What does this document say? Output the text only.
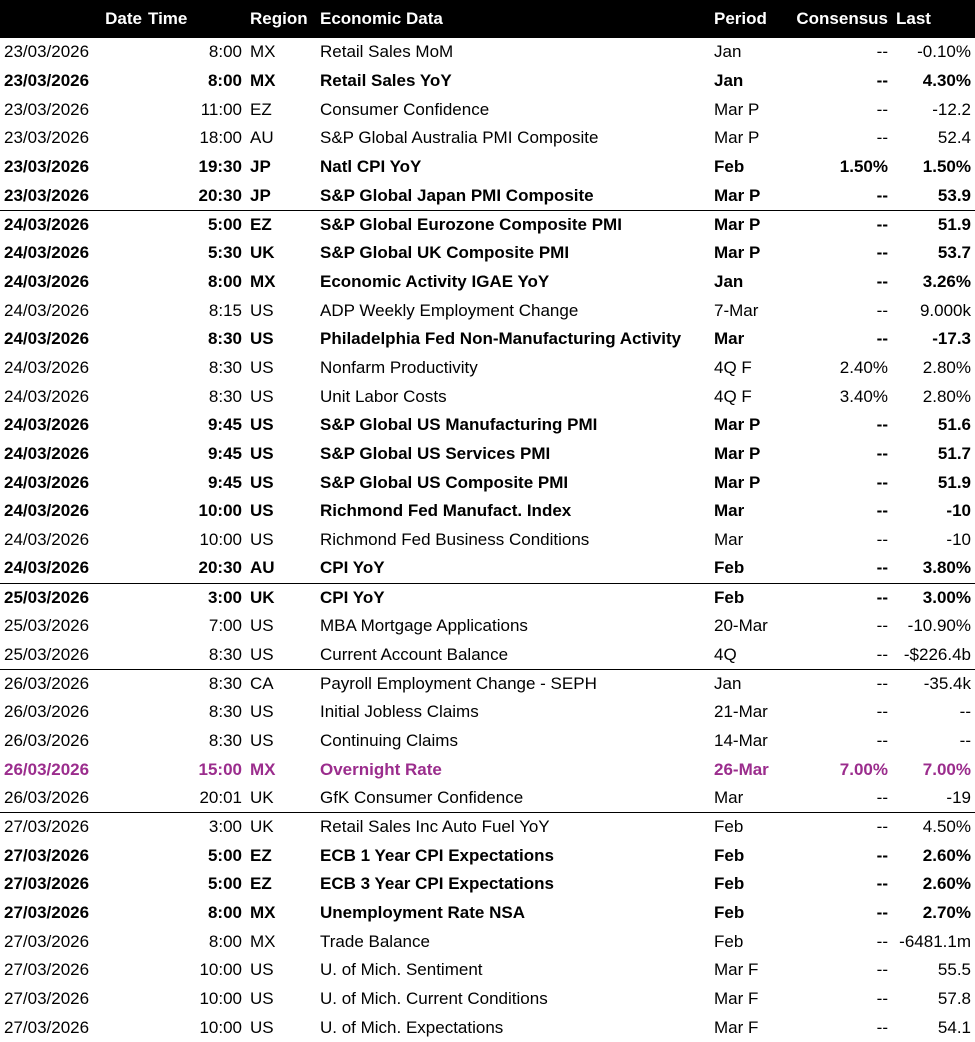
Date	Time	Region	Economic Data	Period	Consensus	Last
23/03/2026	8:00	MX	Retail Sales MoM	Jan	--	-0.10%
23/03/2026	8:00	MX	Retail Sales YoY	Jan	--	4.30%
23/03/2026	11:00	EZ	Consumer Confidence	Mar P	--	-12.2
23/03/2026	18:00	AU	S&P Global Australia PMI Composite	Mar P	--	52.4
23/03/2026	19:30	JP	Natl CPI YoY	Feb	1.50%	1.50%
23/03/2026	20:30	JP	S&P Global Japan PMI Composite	Mar P	--	53.9
24/03/2026	5:00	EZ	S&P Global Eurozone Composite PMI	Mar P	--	51.9
24/03/2026	5:30	UK	S&P Global UK Composite PMI	Mar P	--	53.7
24/03/2026	8:00	MX	Economic Activity IGAE YoY	Jan	--	3.26%
24/03/2026	8:15	US	ADP Weekly Employment Change	7-Mar	--	9.000k
24/03/2026	8:30	US	Philadelphia Fed Non-Manufacturing Activity	Mar	--	-17.3
24/03/2026	8:30	US	Nonfarm Productivity	4Q F	2.40%	2.80%
24/03/2026	8:30	US	Unit Labor Costs	4Q F	3.40%	2.80%
24/03/2026	9:45	US	S&P Global US Manufacturing PMI	Mar P	--	51.6
24/03/2026	9:45	US	S&P Global US Services PMI	Mar P	--	51.7
24/03/2026	9:45	US	S&P Global US Composite PMI	Mar P	--	51.9
24/03/2026	10:00	US	Richmond Fed Manufact. Index	Mar	--	-10
24/03/2026	10:00	US	Richmond Fed Business Conditions	Mar	--	-10
24/03/2026	20:30	AU	CPI YoY	Feb	--	3.80%
25/03/2026	3:00	UK	CPI YoY	Feb	--	3.00%
25/03/2026	7:00	US	MBA Mortgage Applications	20-Mar	--	-10.90%
25/03/2026	8:30	US	Current Account Balance	4Q	--	-$226.4b
26/03/2026	8:30	CA	Payroll Employment Change - SEPH	Jan	--	-35.4k
26/03/2026	8:30	US	Initial Jobless Claims	21-Mar	--	--
26/03/2026	8:30	US	Continuing Claims	14-Mar	--	--
26/03/2026	15:00	MX	Overnight Rate	26-Mar	7.00%	7.00%
26/03/2026	20:01	UK	GfK Consumer Confidence	Mar	--	-19
27/03/2026	3:00	UK	Retail Sales Inc Auto Fuel YoY	Feb	--	4.50%
27/03/2026	5:00	EZ	ECB 1 Year CPI Expectations	Feb	--	2.60%
27/03/2026	5:00	EZ	ECB 3 Year CPI Expectations	Feb	--	2.60%
27/03/2026	8:00	MX	Unemployment Rate NSA	Feb	--	2.70%
27/03/2026	8:00	MX	Trade Balance	Feb	--	-6481.1m
27/03/2026	10:00	US	U. of Mich. Sentiment	Mar F	--	55.5
27/03/2026	10:00	US	U. of Mich. Current Conditions	Mar F	--	57.8
27/03/2026	10:00	US	U. of Mich. Expectations	Mar F	--	54.1
